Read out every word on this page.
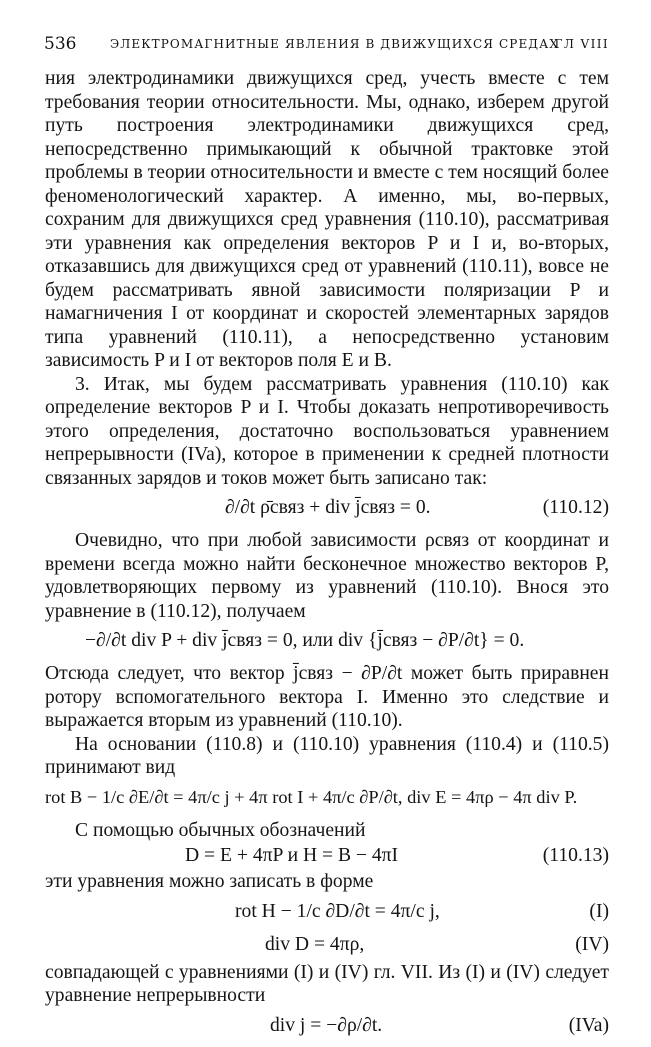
536	ЭЛЕКТРОМАГНИТНЫЕ ЯВЛЕНИЯ В ДВИЖУЩИХСЯ СРЕДАХ
ГЛ VIII

ния электродинамики движущихся сред, учесть вместе с тем требования теории относительности. Мы, однако, изберем другой путь построения электродинамики движущихся сред, непосредственно примыкающий к обычной трактовке этой проблемы в теории относительности и вместе с тем носящий более феноменологический характер. А именно, мы, во-первых, сохраним для движущихся сред уравнения (110.10), рассматривая эти уравнения как определения векторов P и I и, во-вторых, отказавшись для движущихся сред от уравнений (110.11), вовсе не будем рассматривать явной зависимости поляризации P и намагничения I от координат и скоростей элементарных зарядов типа уравнений (110.11), а непосредственно установим зависимость P и I от векторов поля E и B.

3. Итак, мы будем рассматривать уравнения (110.10) как определение векторов P и I. Чтобы доказать непротиворечивость этого определения, достаточно воспользоваться уравнением непрерывности (IVa), которое в применении к средней плотности связанных зарядов и токов может быть записано так:

∂/∂t ρ̄связ + div j̄связ = 0.	(110.12)

Очевидно, что при любой зависимости ρсвяз от координат и времени всегда можно найти бесконечное множество векторов P, удовлетворяющих первому из уравнений (110.10). Внося это уравнение в (110.12), получаем

−∂/∂t div P + div j̄связ = 0, или div {j̄связ − ∂P/∂t} = 0.

Отсюда следует, что вектор j̄связ − ∂P/∂t может быть приравнен ротору вспомогательного вектора I. Именно это следствие и выражается вторым из уравнений (110.10).

На основании (110.8) и (110.10) уравнения (110.4) и (110.5) принимают вид

rot B − 1/c ∂E/∂t = 4π/c j + 4π rot I + 4π/c ∂P/∂t, div E = 4πρ − 4π div P.

С помощью обычных обозначений

D = E + 4πP и H = B − 4πI	(110.13)

эти уравнения можно записать в форме

rot H − 1/c ∂D/∂t = 4π/c j,	(I)
div D = 4πρ,	(IV)

совпадающей с уравнениями (I) и (IV) гл. VII. Из (I) и (IV) следует уравнение непрерывности

div j = −∂ρ/∂t.	(IVa)
